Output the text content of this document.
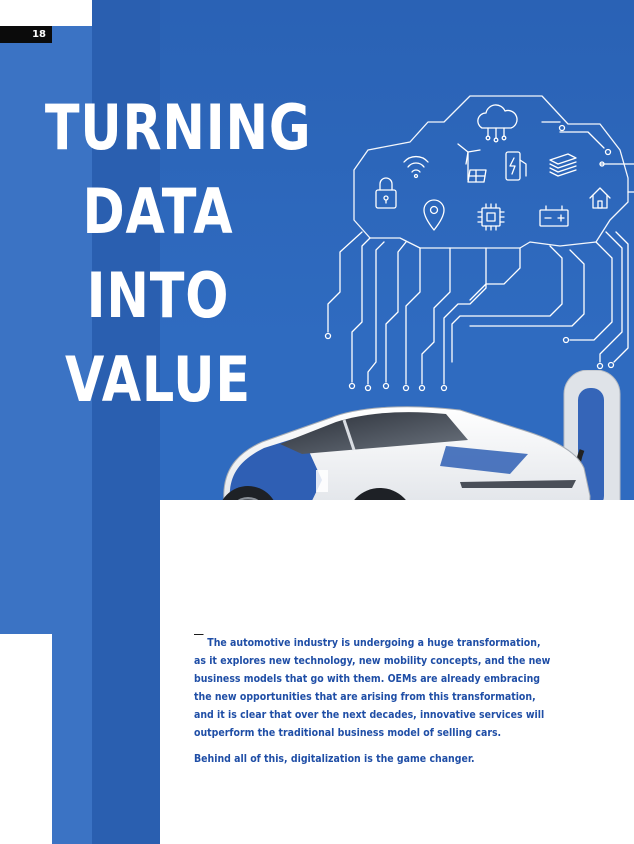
18
TURNING
DATA
INTO
VALUE

The automotive industry is undergoing a huge transformation, as it explores new technology, new mobility concepts, and the new business models that go with them. OEMs are already embracing the new opportunities that are arising from this transformation, and it is clear that over the next decades, innovative services will outperform the traditional business model of selling cars.

Behind all of this, digitalization is the game changer.
